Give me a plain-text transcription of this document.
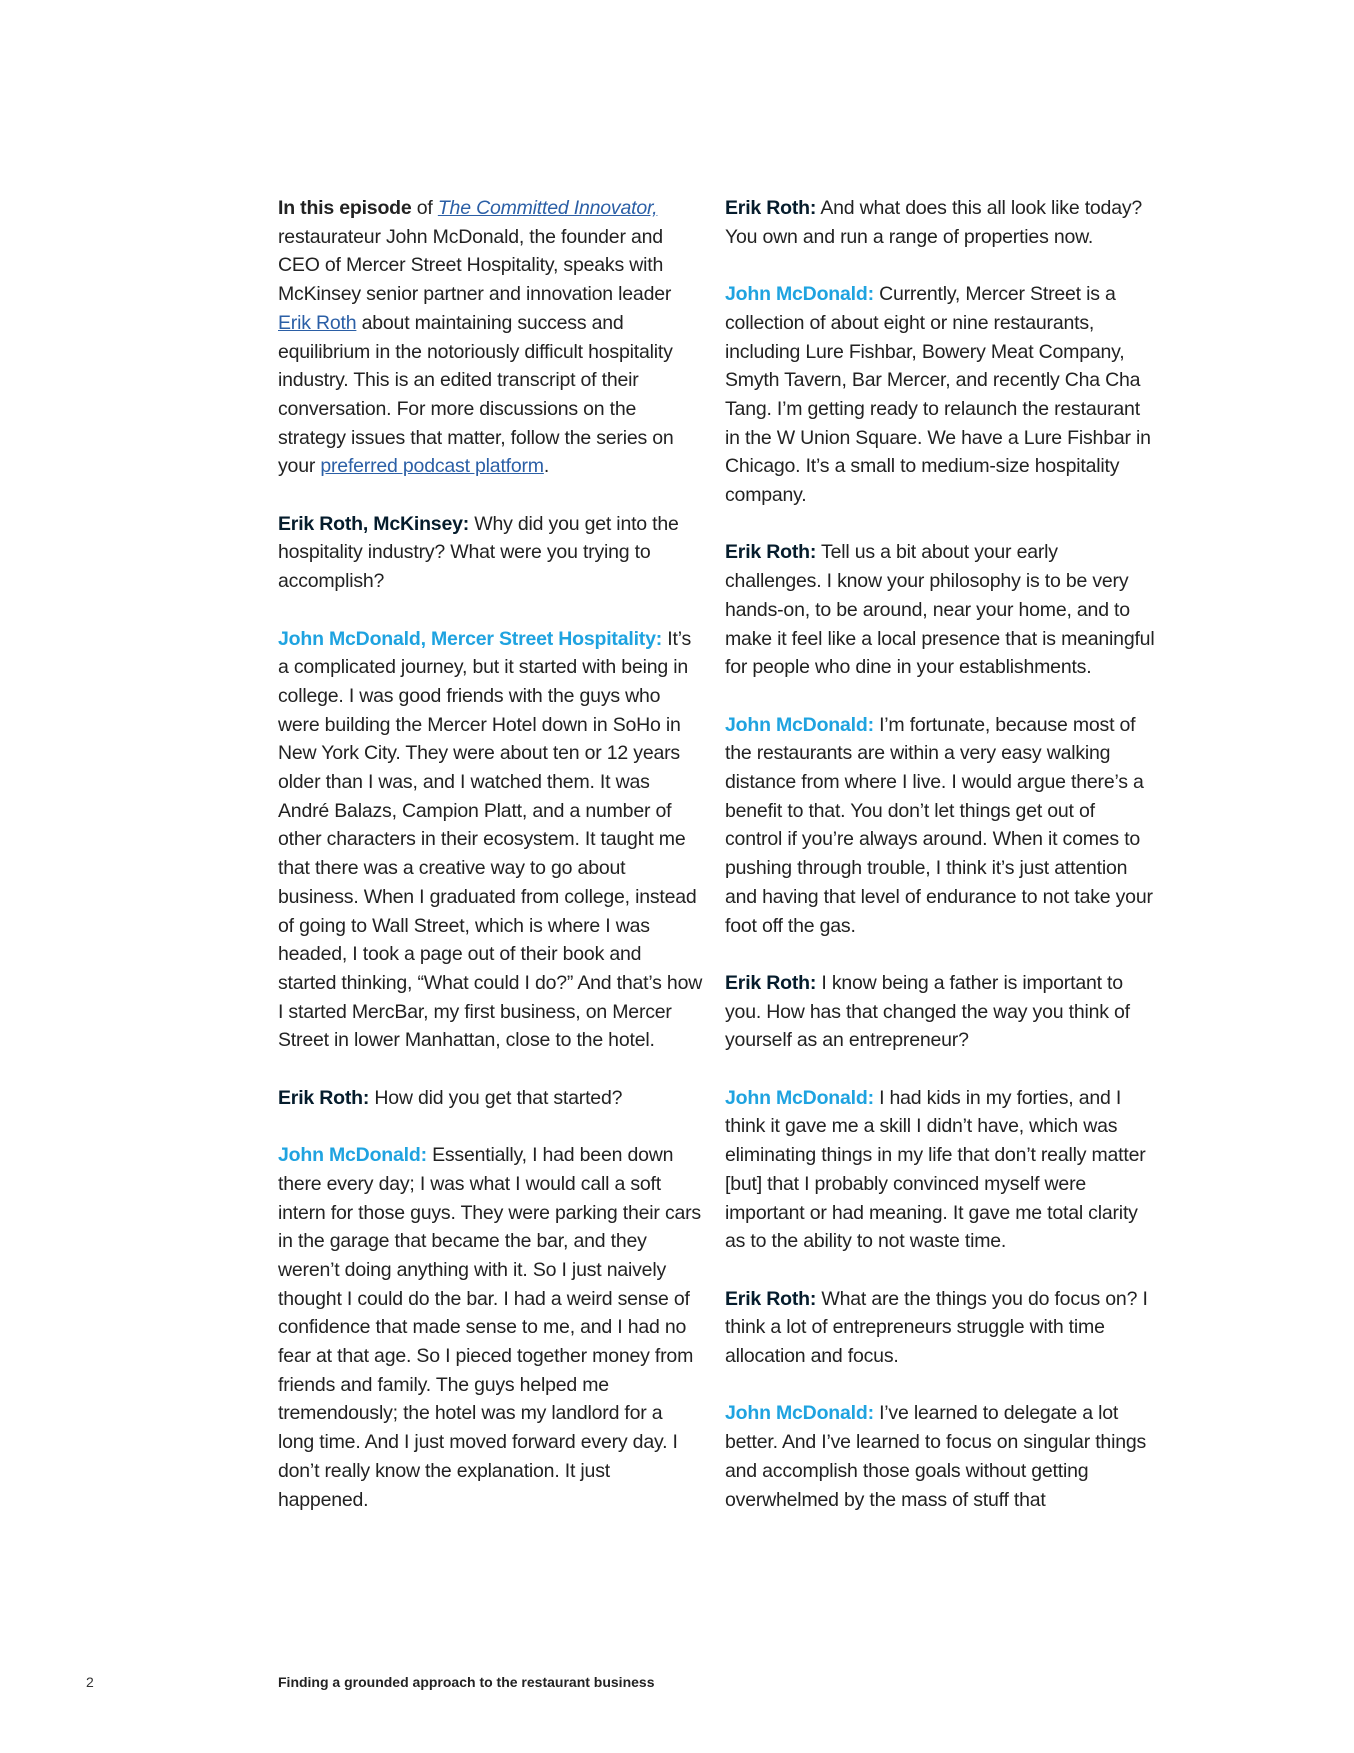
In this episode of The Committed Innovator, restaurateur John McDonald, the founder and CEO of Mercer Street Hospitality, speaks with McKinsey senior partner and innovation leader Erik Roth about maintaining success and equilibrium in the notoriously difficult hospitality industry. This is an edited transcript of their conversation. For more discussions on the strategy issues that matter, follow the series on your preferred podcast platform.

Erik Roth, McKinsey: Why did you get into the hospitality industry? What were you trying to accomplish?

John McDonald, Mercer Street Hospitality: It’s a complicated journey, but it started with being in college. I was good friends with the guys who were building the Mercer Hotel down in SoHo in New York City. They were about ten or 12 years older than I was, and I watched them. It was André Balazs, Campion Platt, and a number of other characters in their ecosystem. It taught me that there was a creative way to go about business. When I graduated from college, instead of going to Wall Street, which is where I was headed, I took a page out of their book and started thinking, “What could I do?” And that’s how I started MercBar, my first business, on Mercer Street in lower Manhattan, close to the hotel.

Erik Roth: How did you get that started?

John McDonald: Essentially, I had been down there every day; I was what I would call a soft intern for those guys. They were parking their cars in the garage that became the bar, and they weren’t doing anything with it. So I just naively thought I could do the bar. I had a weird sense of confidence that made sense to me, and I had no fear at that age. So I pieced together money from friends and family. The guys helped me tremendously; the hotel was my landlord for a long time. And I just moved forward every day. I don’t really know the explanation. It just happened.

Erik Roth: And what does this all look like today? You own and run a range of properties now.

John McDonald: Currently, Mercer Street is a collection of about eight or nine restaurants, including Lure Fishbar, Bowery Meat Company, Smyth Tavern, Bar Mercer, and recently Cha Cha Tang. I’m getting ready to relaunch the restaurant in the W Union Square. We have a Lure Fishbar in Chicago. It’s a small to medium-size hospitality company.

Erik Roth: Tell us a bit about your early challenges. I know your philosophy is to be very hands-on, to be around, near your home, and to make it feel like a local presence that is meaningful for people who dine in your establishments.

John McDonald: I’m fortunate, because most of the restaurants are within a very easy walking distance from where I live. I would argue there’s a benefit to that. You don’t let things get out of control if you’re always around. When it comes to pushing through trouble, I think it’s just attention and having that level of endurance to not take your foot off the gas.

Erik Roth: I know being a father is important to you. How has that changed the way you think of yourself as an entrepreneur?

John McDonald: I had kids in my forties, and I think it gave me a skill I didn’t have, which was eliminating things in my life that don’t really matter [but] that I probably convinced myself were important or had meaning. It gave me total clarity as to the ability to not waste time.

Erik Roth: What are the things you do focus on? I think a lot of entrepreneurs struggle with time allocation and focus.

John McDonald: I’ve learned to delegate a lot better. And I’ve learned to focus on singular things and accomplish those goals without getting overwhelmed by the mass of stuff that

2	Finding a grounded approach to the restaurant business
